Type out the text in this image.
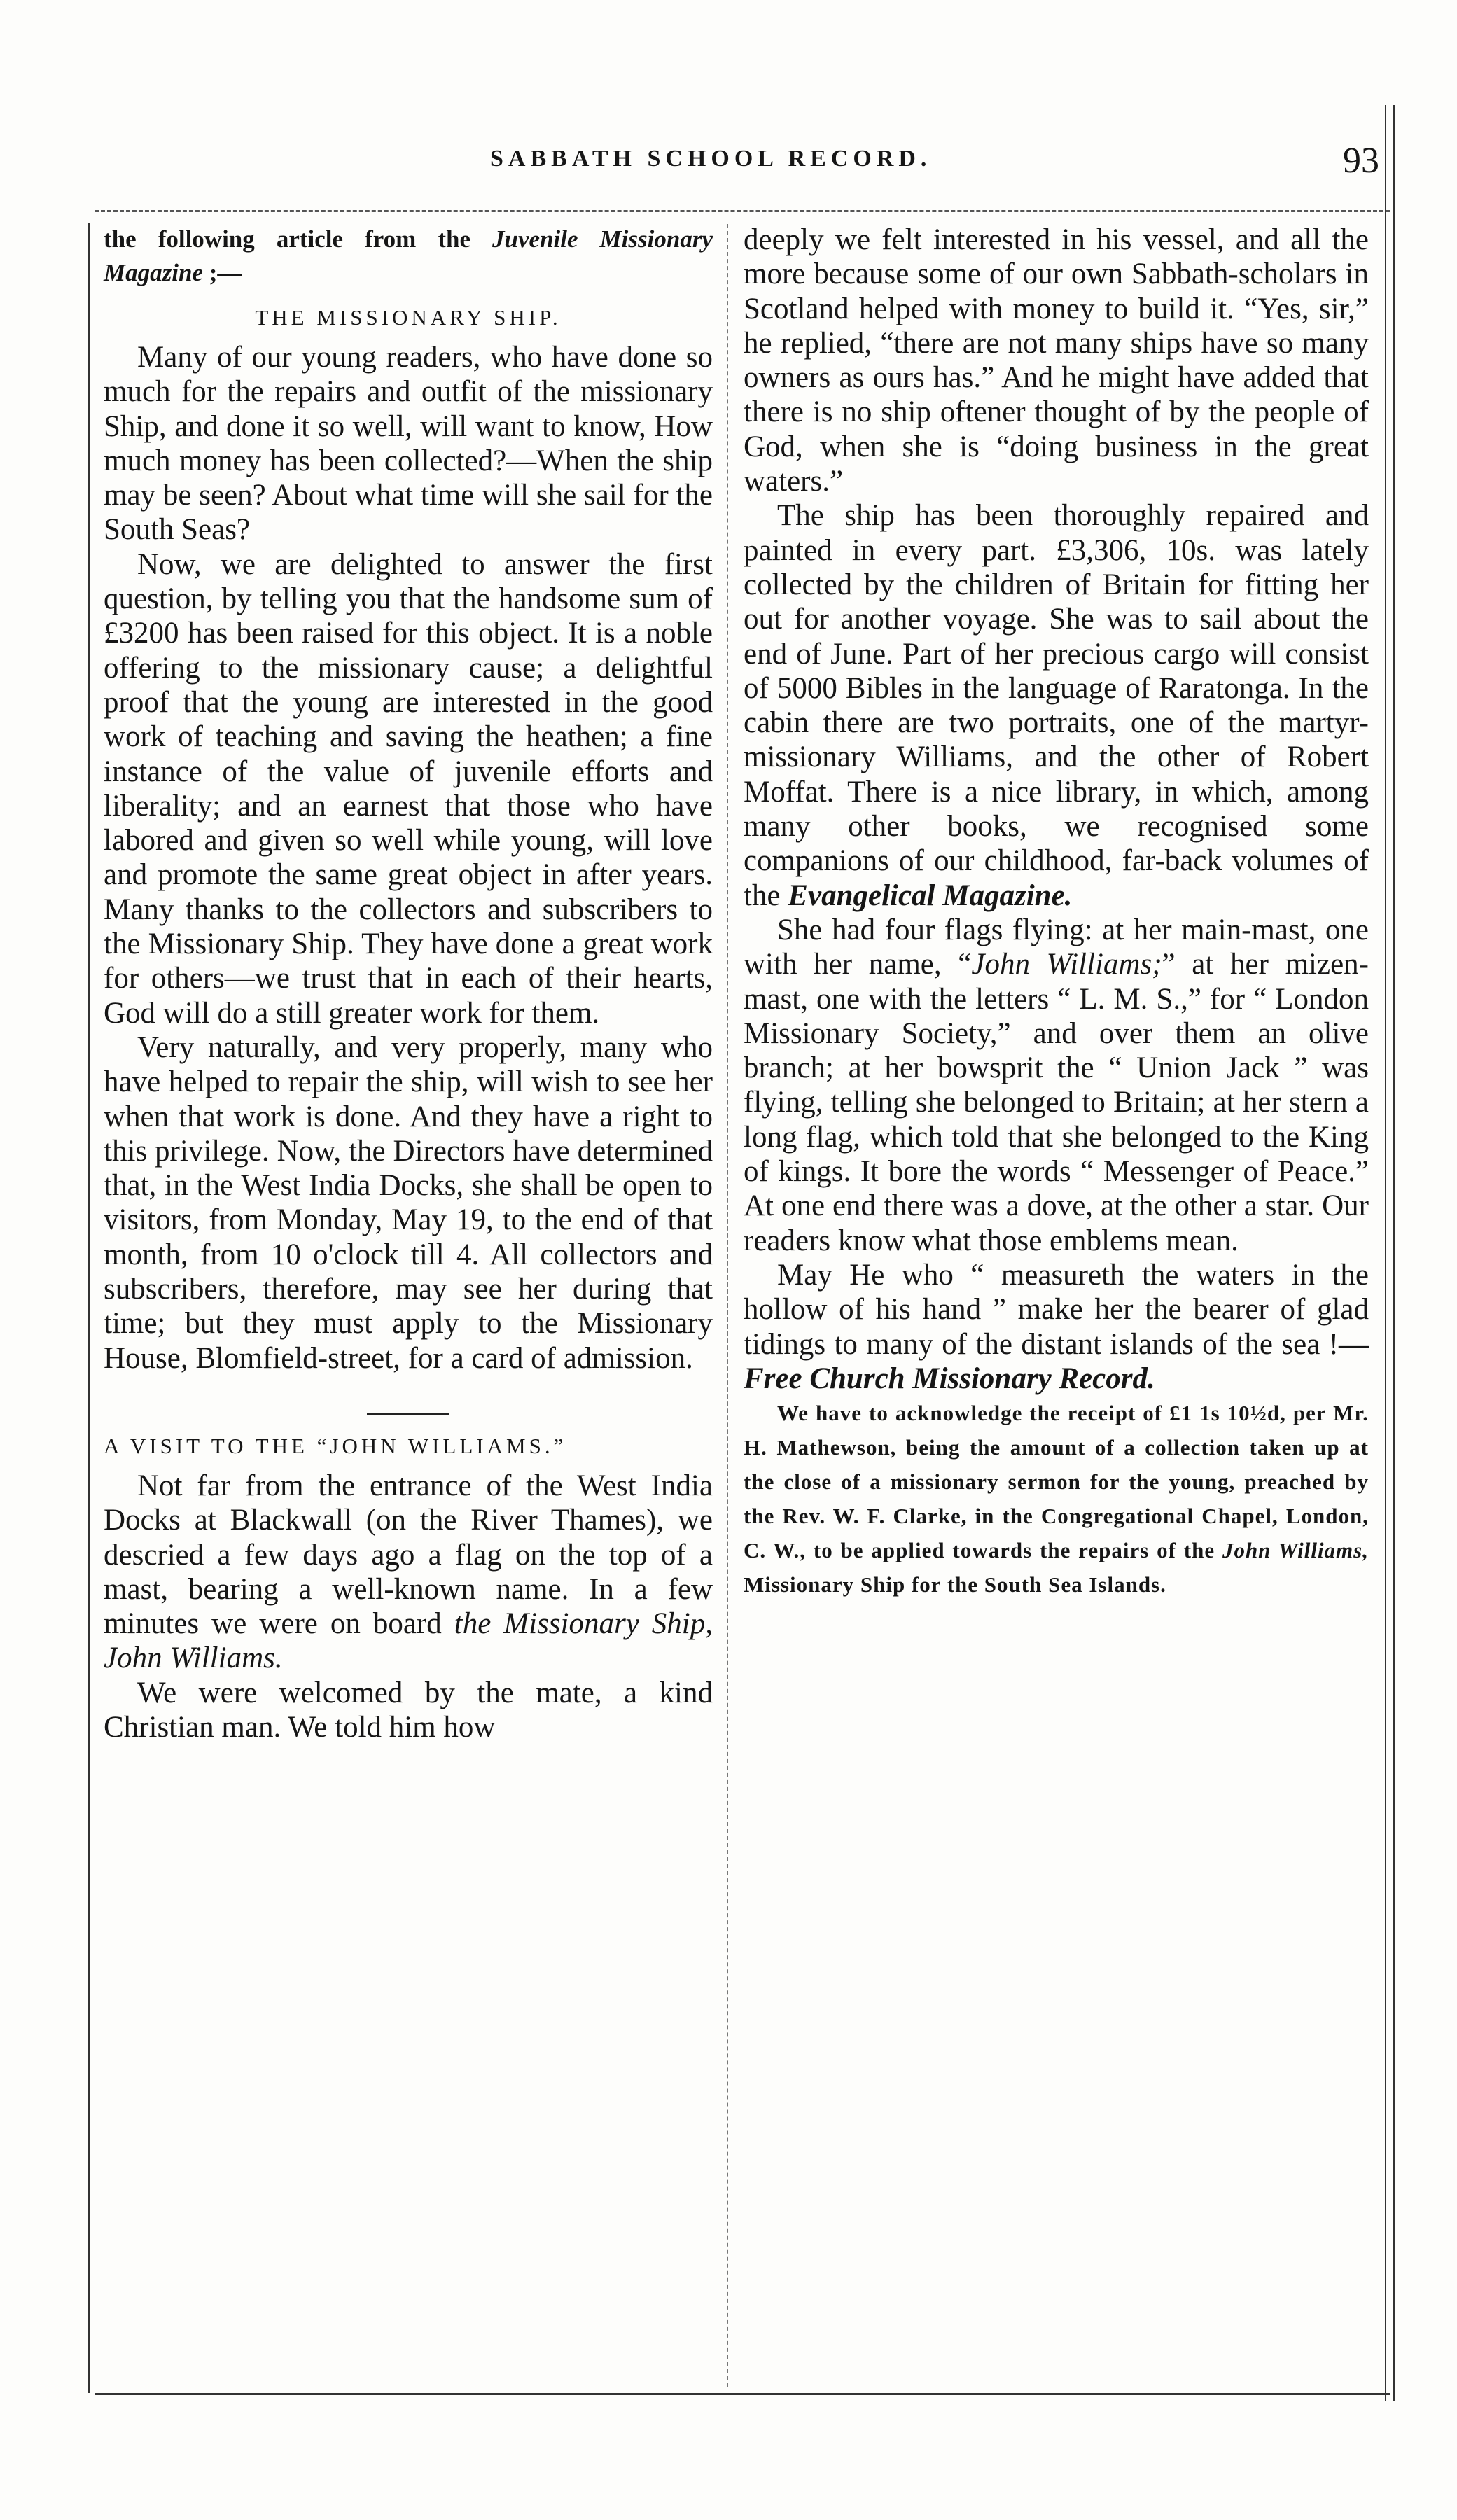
SABBATH SCHOOL RECORD.	93

the following article from the Juvenile Missionary Magazine ;—

THE MISSIONARY SHIP.

Many of our young readers, who have done so much for the repairs and outfit of the missionary Ship, and done it so well, will want to know, How much money has been collected?—When the ship may be seen? About what time will she sail for the South Seas?

Now, we are delighted to answer the first question, by telling you that the handsome sum of £3200 has been raised for this object. It is a noble offering to the missionary cause; a delightful proof that the young are interested in the good work of teaching and saving the heathen; a fine instance of the value of juvenile efforts and liberality; and an earnest that those who have labored and given so well while young, will love and promote the same great object in after years. Many thanks to the collectors and subscribers to the Missionary Ship. They have done a great work for others—we trust that in each of their hearts, God will do a still greater work for them.

Very naturally, and very properly, many who have helped to repair the ship, will wish to see her when that work is done. And they have a right to this privilege. Now, the Directors have determined that, in the West India Docks, she shall be open to visitors, from Monday, May 19, to the end of that month, from 10 o'clock till 4. All collectors and subscribers, therefore, may see her during that time; but they must apply to the Missionary House, Blomfield-street, for a card of admission.

A VISIT TO THE “JOHN WILLIAMS.”

Not far from the entrance of the West India Docks at Blackwall (on the River Thames), we descried a few days ago a flag on the top of a mast, bearing a well-known name. In a few minutes we were on board the Missionary Ship, John Williams.

We were welcomed by the mate, a kind Christian man. We told him how

deeply we felt interested in his vessel, and all the more because some of our own Sabbath-scholars in Scotland helped with money to build it. “Yes, sir,” he replied, “there are not many ships have so many owners as ours has.” And he might have added that there is no ship oftener thought of by the people of God, when she is “doing business in the great waters.”

The ship has been thoroughly repaired and painted in every part. £3,306, 10s. was lately collected by the children of Britain for fitting her out for another voyage. She was to sail about the end of June. Part of her precious cargo will consist of 5000 Bibles in the language of Raratonga. In the cabin there are two portraits, one of the martyr-missionary Williams, and the other of Robert Moffat. There is a nice library, in which, among many other books, we recognised some companions of our childhood, far-back volumes of the Evangelical Magazine.

She had four flags flying: at her main-mast, one with her name, “John Williams;” at her mizen-mast, one with the letters “ L. M. S.,” for “ London Missionary Society,” and over them an olive branch; at her bowsprit the “ Union Jack ” was flying, telling she belonged to Britain; at her stern a long flag, which told that she belonged to the King of kings. It bore the words “ Messenger of Peace.” At one end there was a dove, at the other a star. Our readers know what those emblems mean.

May He who “ measureth the waters in the hollow of his hand ” make her the bearer of glad tidings to many of the distant islands of the sea !—Free Church Missionary Record.

We have to acknowledge the receipt of £1 1s 10½d, per Mr. H. Mathewson, being the amount of a collection taken up at the close of a missionary sermon for the young, preached by the Rev. W. F. Clarke, in the Congregational Chapel, London, C. W., to be applied towards the repairs of the John Williams, Missionary Ship for the South Sea Islands.
